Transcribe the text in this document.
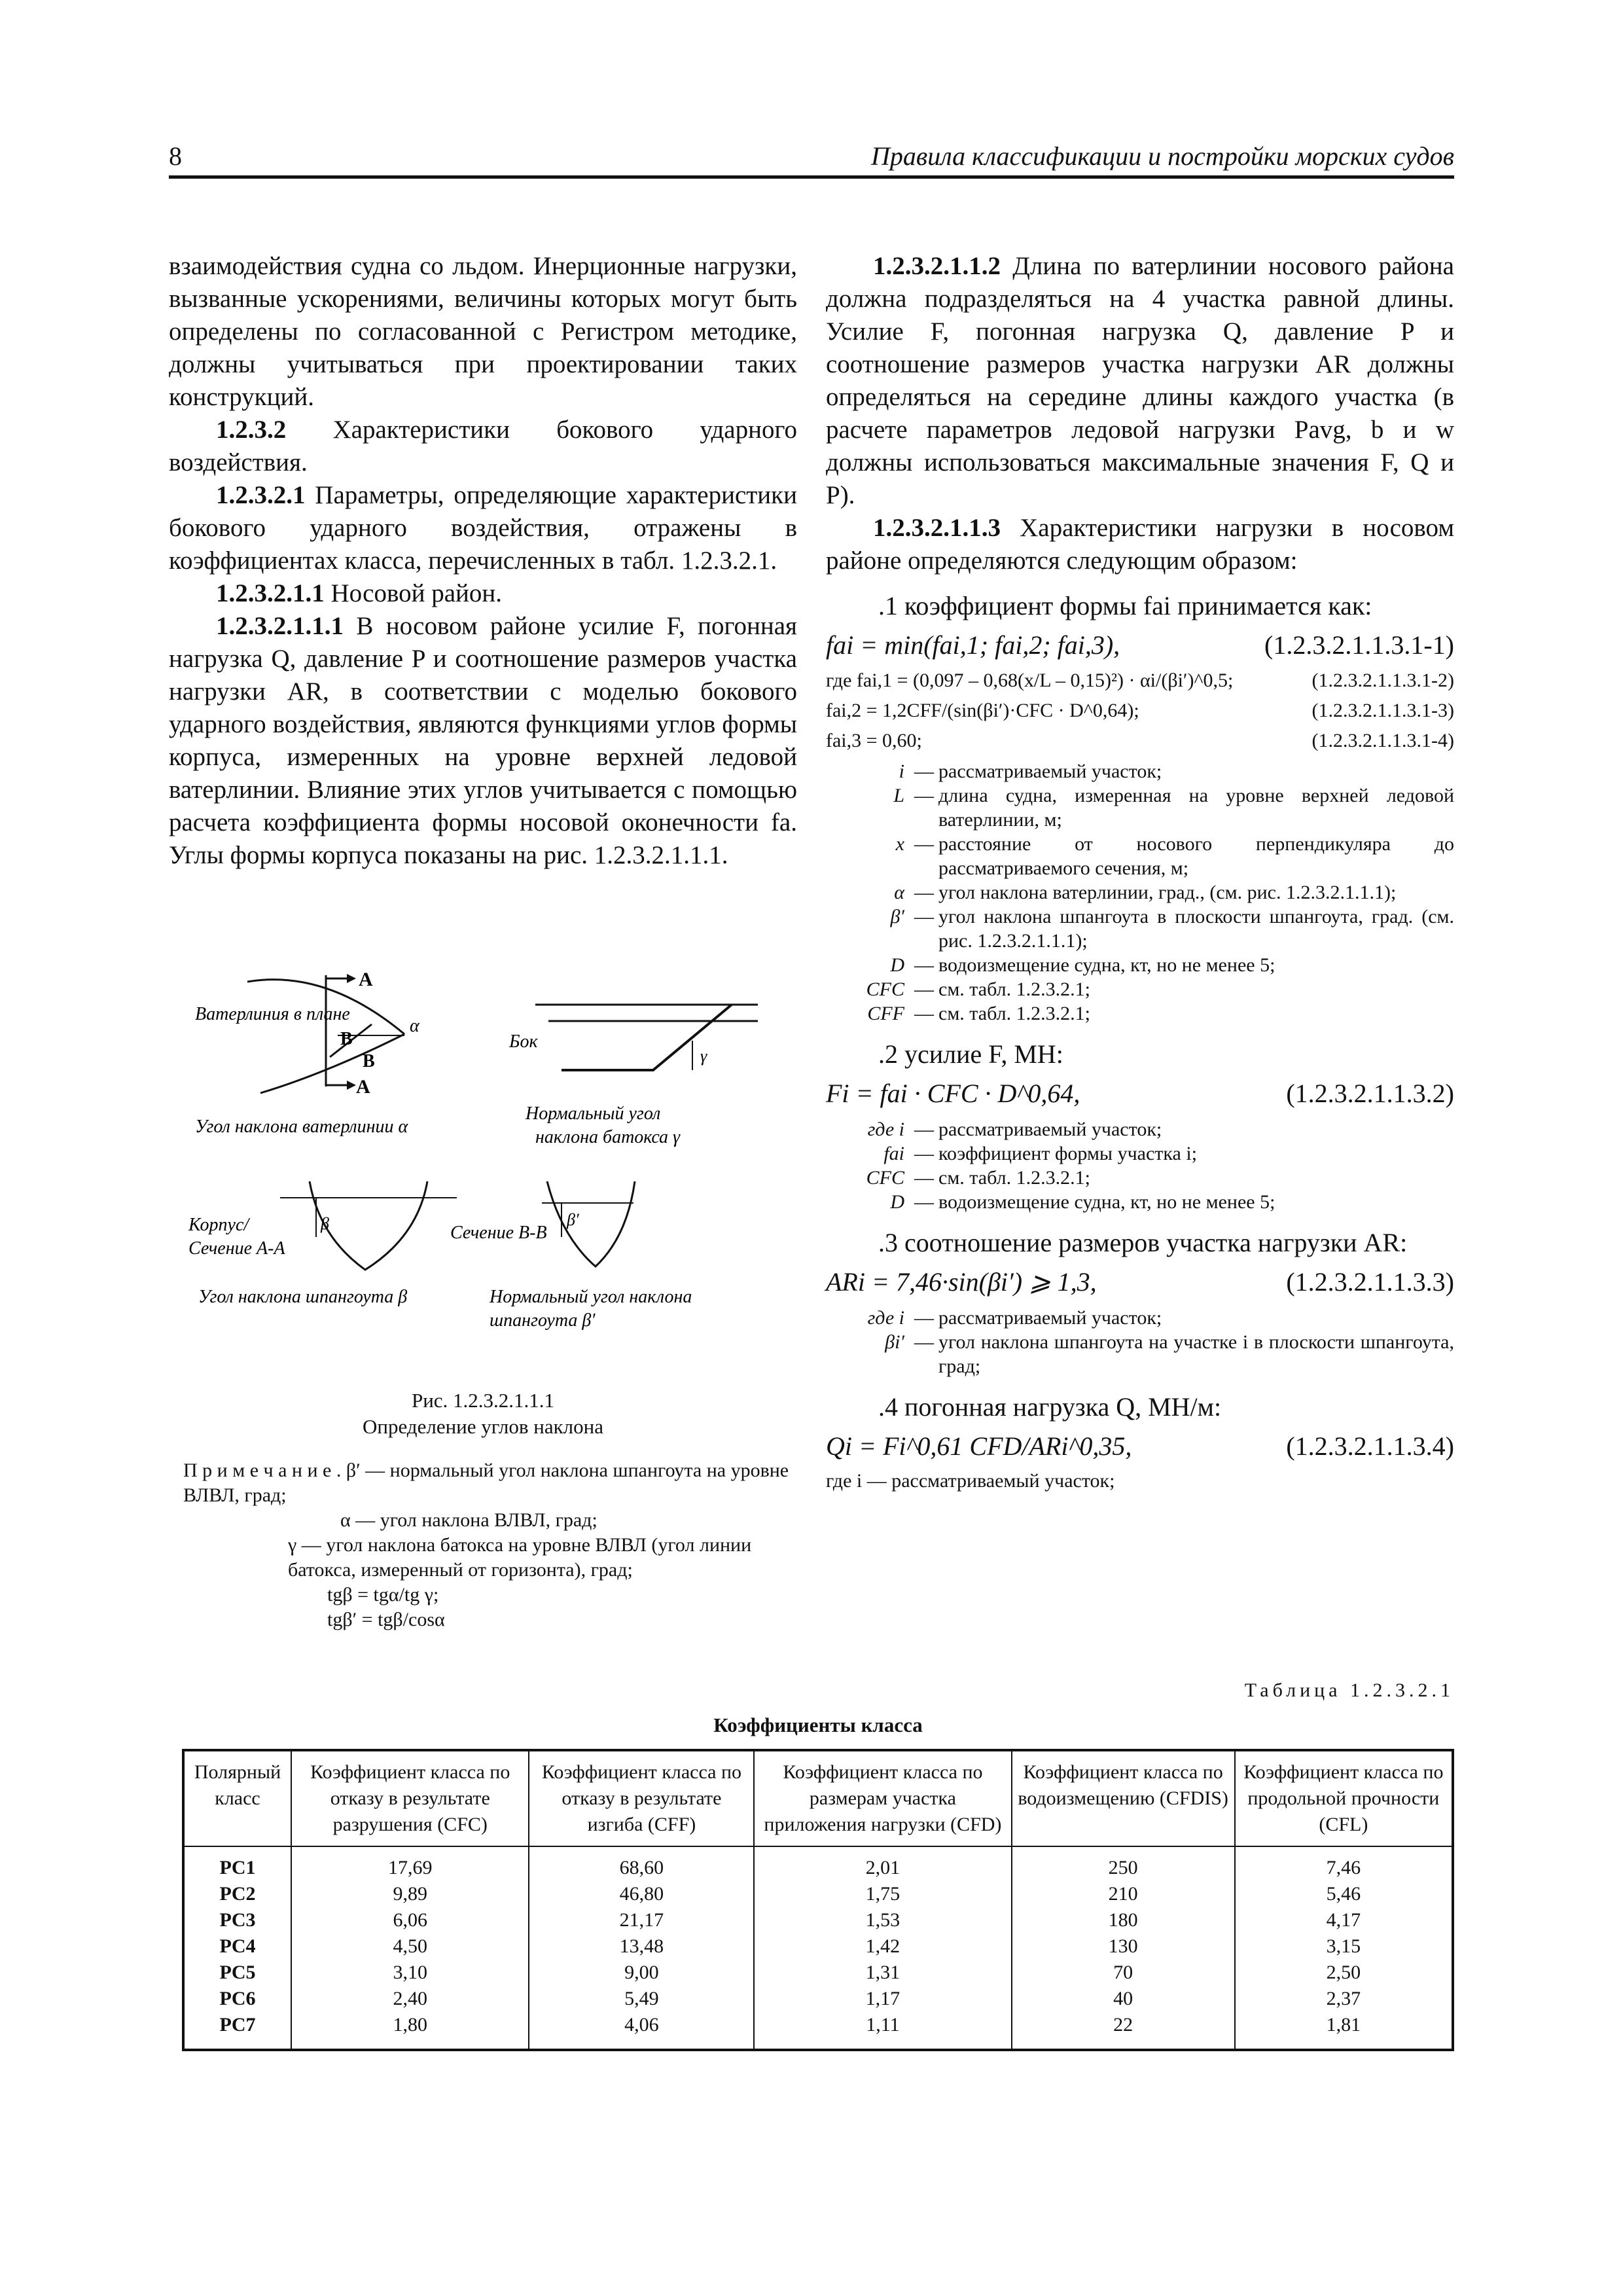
8	Правила классификации и постройки морских судов

взаимодействия судна со льдом. Инерционные нагрузки, вызванные ускорениями, величины которых могут быть определены по согласованной с Регистром методике, должны учитываться при проектировании таких конструкций.

1.2.3.2 Характеристики бокового ударного воздействия.

1.2.3.2.1 Параметры, определяющие характеристики бокового ударного воздействия, отражены в коэффициентах класса, перечисленных в табл. 1.2.3.2.1.

1.2.3.2.1.1 Носовой район.

1.2.3.2.1.1.1 В носовом районе усилие F, погонная нагрузка Q, давление P и соотношение размеров участка нагрузки AR, в соответствии с моделью бокового ударного воздействия, являются функциями углов формы корпуса, измеренных на уровне верхней ледовой ватерлинии. Влияние этих углов учитывается с помощью расчета коэффициента формы носовой оконечности fa. Углы формы корпуса показаны на рис. 1.2.3.2.1.1.1.

A
B
B
A
α
Ватерлиния в плане
Угол наклона ватерлинии α
γ
Бок
Нормальный угол
наклона батокса γ
β
Корпус/
Сечение А-А
Угол наклона шпангоута β
β′
Сечение В-В
Нормальный угол наклона
шпангоута β′
Рис. 1.2.3.2.1.1.1
Определение углов наклона
П р и м е ч а н и е . β′ — нормальный угол наклона шпангоута на уровне ВЛВЛ, град;
α — угол наклона ВЛВЛ, град;
γ — угол наклона батокса на уровне ВЛВЛ (угол линии батокса, измеренный от горизонта), град;
tgβ = tgα/tg γ;
tgβ′ = tgβ/cosα

1.2.3.2.1.1.2 Длина по ватерлинии носового района должна подразделяться на 4 участка равной длины. Усилие F, погонная нагрузка Q, давление P и соотношение размеров участка нагрузки AR должны определяться на середине длины каждого участка (в расчете параметров ледовой нагрузки Pavg, b и w должны использоваться максимальные значения F, Q и P).

1.2.3.2.1.1.3 Характеристики нагрузки в носовом районе определяются следующим образом:

.1 коэффициент формы fai принимается как:
fai = min(fai,1; fai,2; fai,3),	(1.2.3.2.1.1.3.1-1)
где fai,1 = (0,097 – 0,68(x/L – 0,15)²) · αi/(βi′)^0,5;	(1.2.3.2.1.1.3.1-2)
fai,2 = 1,2CFF/(sin(βi′)·CFC · D^0,64);	(1.2.3.2.1.1.3.1-3)
fai,3 = 0,60;	(1.2.3.2.1.1.3.1-4)
i — рассматриваемый участок;
L — длина судна, измеренная на уровне верхней ледовой ватерлинии, м;
x — расстояние от носового перпендикуляра до рассматриваемого сечения, м;
α — угол наклона ватерлинии, град., (см. рис. 1.2.3.2.1.1.1);
β′ — угол наклона шпангоута в плоскости шпангоута, град. (см. рис. 1.2.3.2.1.1.1);
D — водоизмещение судна, кт, но не менее 5;
CFC — см. табл. 1.2.3.2.1;
CFF — см. табл. 1.2.3.2.1;
.2 усилие F, МН:
Fi = fai · CFC · D^0,64,	(1.2.3.2.1.1.3.2)
где i — рассматриваемый участок;
fai — коэффициент формы участка i;
CFC — см. табл. 1.2.3.2.1;
D — водоизмещение судна, кт, но не менее 5;
.3 соотношение размеров участка нагрузки AR:
ARi = 7,46·sin(βi′) ⩾ 1,3,	(1.2.3.2.1.1.3.3)
где i — рассматриваемый участок;
βi′ — угол наклона шпангоута на участке i в плоскости шпангоута, град;
.4 погонная нагрузка Q, МН/м:
Qi = Fi^0,61 CFD/ARi^0,35,	(1.2.3.2.1.1.3.4)
где i — рассматриваемый участок;
Таблица 1.2.3.2.1
Коэффициенты класса
Полярный класс	Коэффициент класса по отказу в результате разрушения (CFC)	Коэффициент класса по отказу в результате изгиба (CFF)	Коэффициент класса по размерам участка приложения нагрузки (CFD)	Коэффициент класса по водоизмещению (CFDIS)	Коэффициент класса по продольной прочности (CFL)
PC1	17,69	68,60	2,01	250	7,46
PC2	9,89	46,80	1,75	210	5,46
PC3	6,06	21,17	1,53	180	4,17
PC4	4,50	13,48	1,42	130	3,15
PC5	3,10	9,00	1,31	70	2,50
PC6	2,40	5,49	1,17	40	2,37
PC7	1,80	4,06	1,11	22	1,81
